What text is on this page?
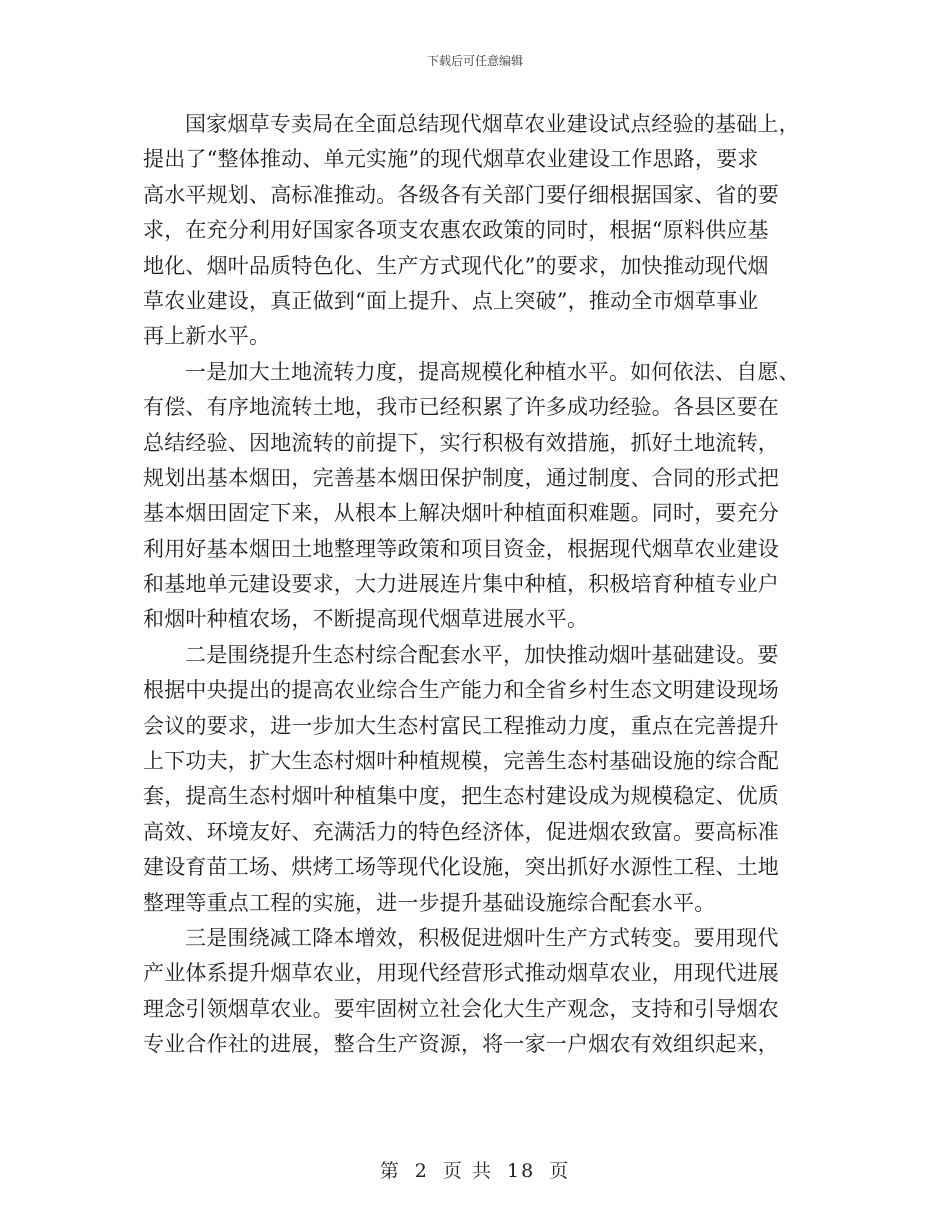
下载后可任意编辑

国家烟草专卖局在全面总结现代烟草农业建设试点经验的基础上，
提出了“整体推动、单元实施”的现代烟草农业建设工作思路，要求
高水平规划、高标准推动。各级各有关部门要仔细根据国家、省的要
求，在充分利用好国家各项支农惠农政策的同时，根据“原料供应基
地化、烟叶品质特色化、生产方式现代化”的要求，加快推动现代烟
草农业建设，真正做到“面上提升、点上突破”，推动全市烟草事业
再上新水平。

一是加大土地流转力度，提高规模化种植水平。如何依法、自愿、
有偿、有序地流转土地，我市已经积累了许多成功经验。各县区要在
总结经验、因地流转的前提下，实行积极有效措施，抓好土地流转，
规划出基本烟田，完善基本烟田保护制度，通过制度、合同的形式把
基本烟田固定下来，从根本上解决烟叶种植面积难题。同时，要充分
利用好基本烟田土地整理等政策和项目资金，根据现代烟草农业建设
和基地单元建设要求，大力进展连片集中种植，积极培育种植专业户
和烟叶种植农场，不断提高现代烟草进展水平。

二是围绕提升生态村综合配套水平，加快推动烟叶基础建设。要
根据中央提出的提高农业综合生产能力和全省乡村生态文明建设现场
会议的要求，进一步加大生态村富民工程推动力度，重点在完善提升
上下功夫，扩大生态村烟叶种植规模，完善生态村基础设施的综合配
套，提高生态村烟叶种植集中度，把生态村建设成为规模稳定、优质
高效、环境友好、充满活力的特色经济体，促进烟农致富。要高标准
建设育苗工场、烘烤工场等现代化设施，突出抓好水源性工程、土地
整理等重点工程的实施，进一步提升基础设施综合配套水平。

三是围绕减工降本增效，积极促进烟叶生产方式转变。要用现代
产业体系提升烟草农业，用现代经营形式推动烟草农业，用现代进展
理念引领烟草农业。要牢固树立社会化大生产观念，支持和引导烟农
专业合作社的进展，整合生产资源，将一家一户烟农有效组织起来，

第 2 页 共 18 页
